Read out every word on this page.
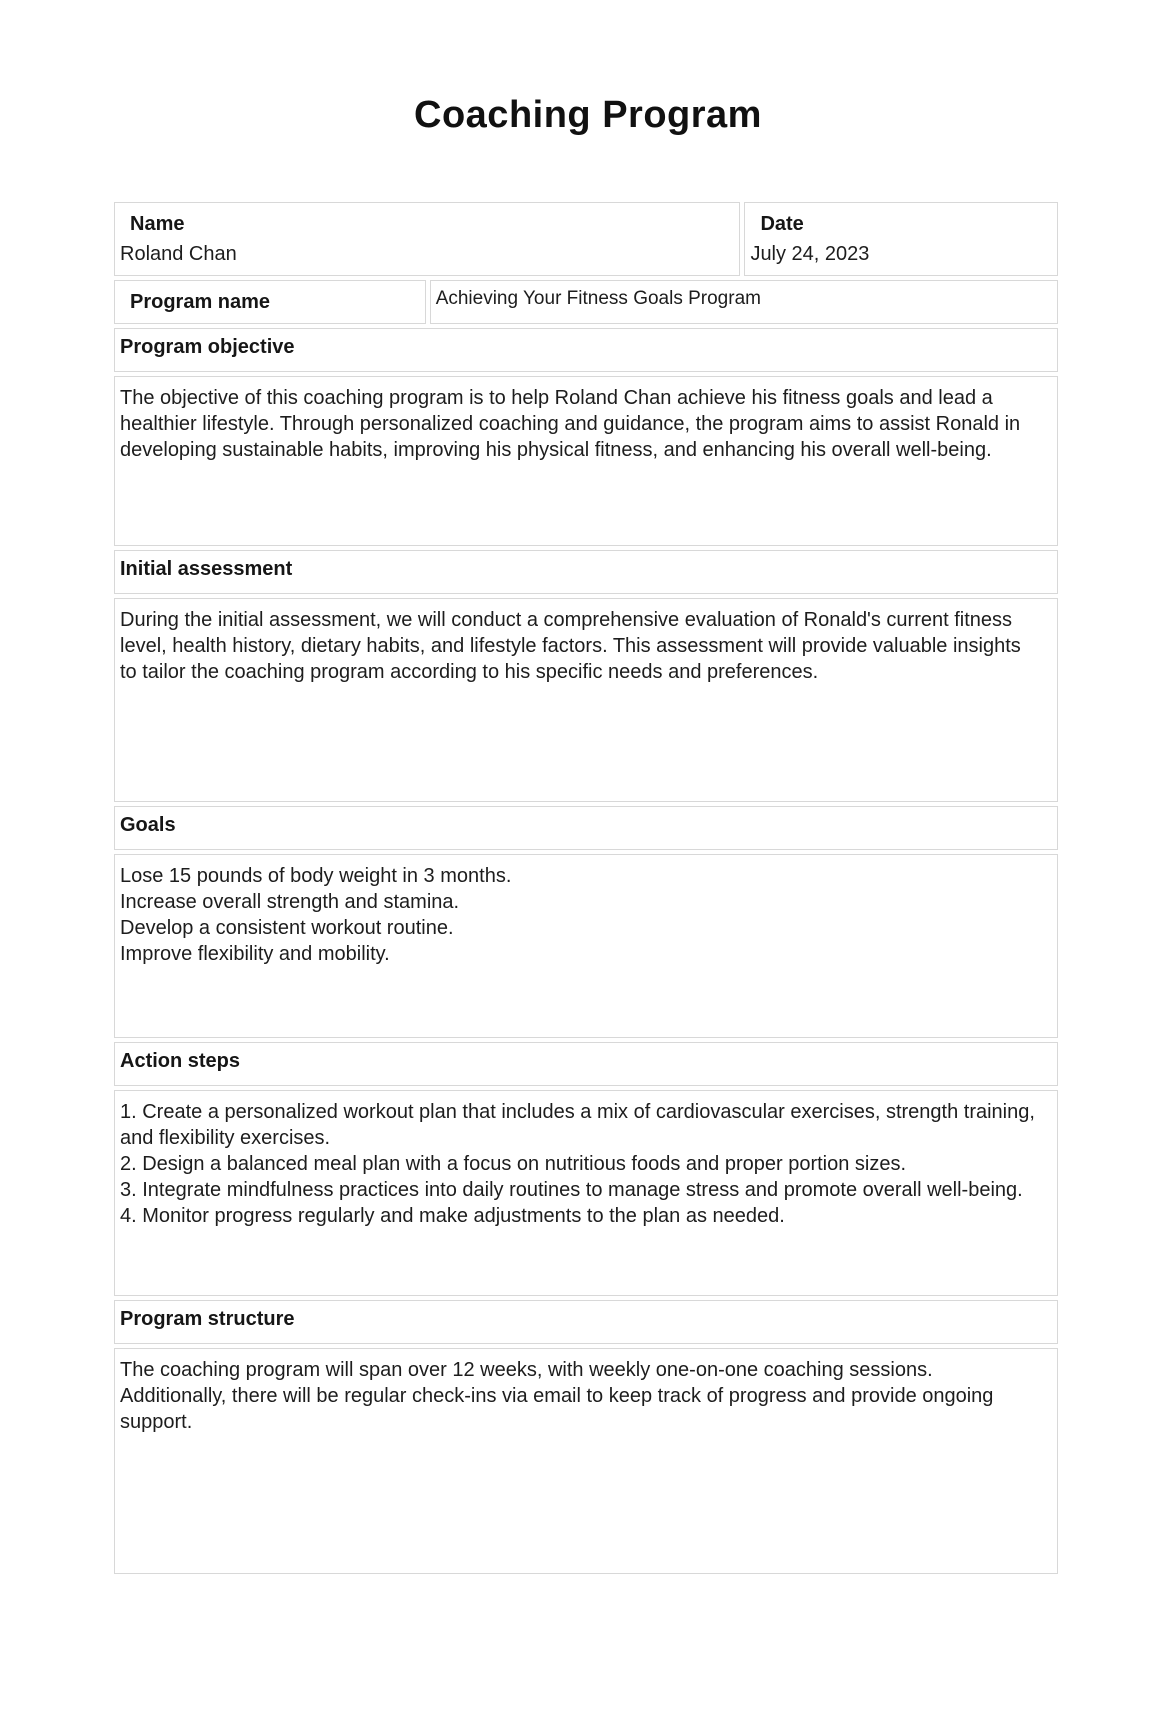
Coaching Program
Name
Roland Chan

Date
July 24, 2023

Program name	Achieving Your Fitness Goals Program	

Program objective		

The objective of this coaching program is to help Roland Chan achieve his fitness goals and lead a healthier lifestyle. Through personalized coaching and guidance, the program aims to assist Ronald in developing sustainable habits, improving his physical fitness, and enhancing his overall well-being.		

Initial assessment		

During the initial assessment, we will conduct a comprehensive evaluation of Ronald's current fitness level, health history, dietary habits, and lifestyle factors. This assessment will provide valuable insights to tailor the coaching program according to his specific needs and preferences.		

Goals		

Lose 15 pounds of body weight in 3 months.
Increase overall strength and stamina.
Develop a consistent workout routine.
Improve flexibility and mobility.		

Action steps		

1. Create a personalized workout plan that includes a mix of cardiovascular exercises, strength training, and flexibility exercises.
2. Design a balanced meal plan with a focus on nutritious foods and proper portion sizes.
3. Integrate mindfulness practices into daily routines to manage stress and promote overall well-being.
4. Monitor progress regularly and make adjustments to the plan as needed.		

Program structure		

The coaching program will span over 12 weeks, with weekly one-on-one coaching sessions. Additionally, there will be regular check-ins via email to keep track of progress and provide ongoing support.		
